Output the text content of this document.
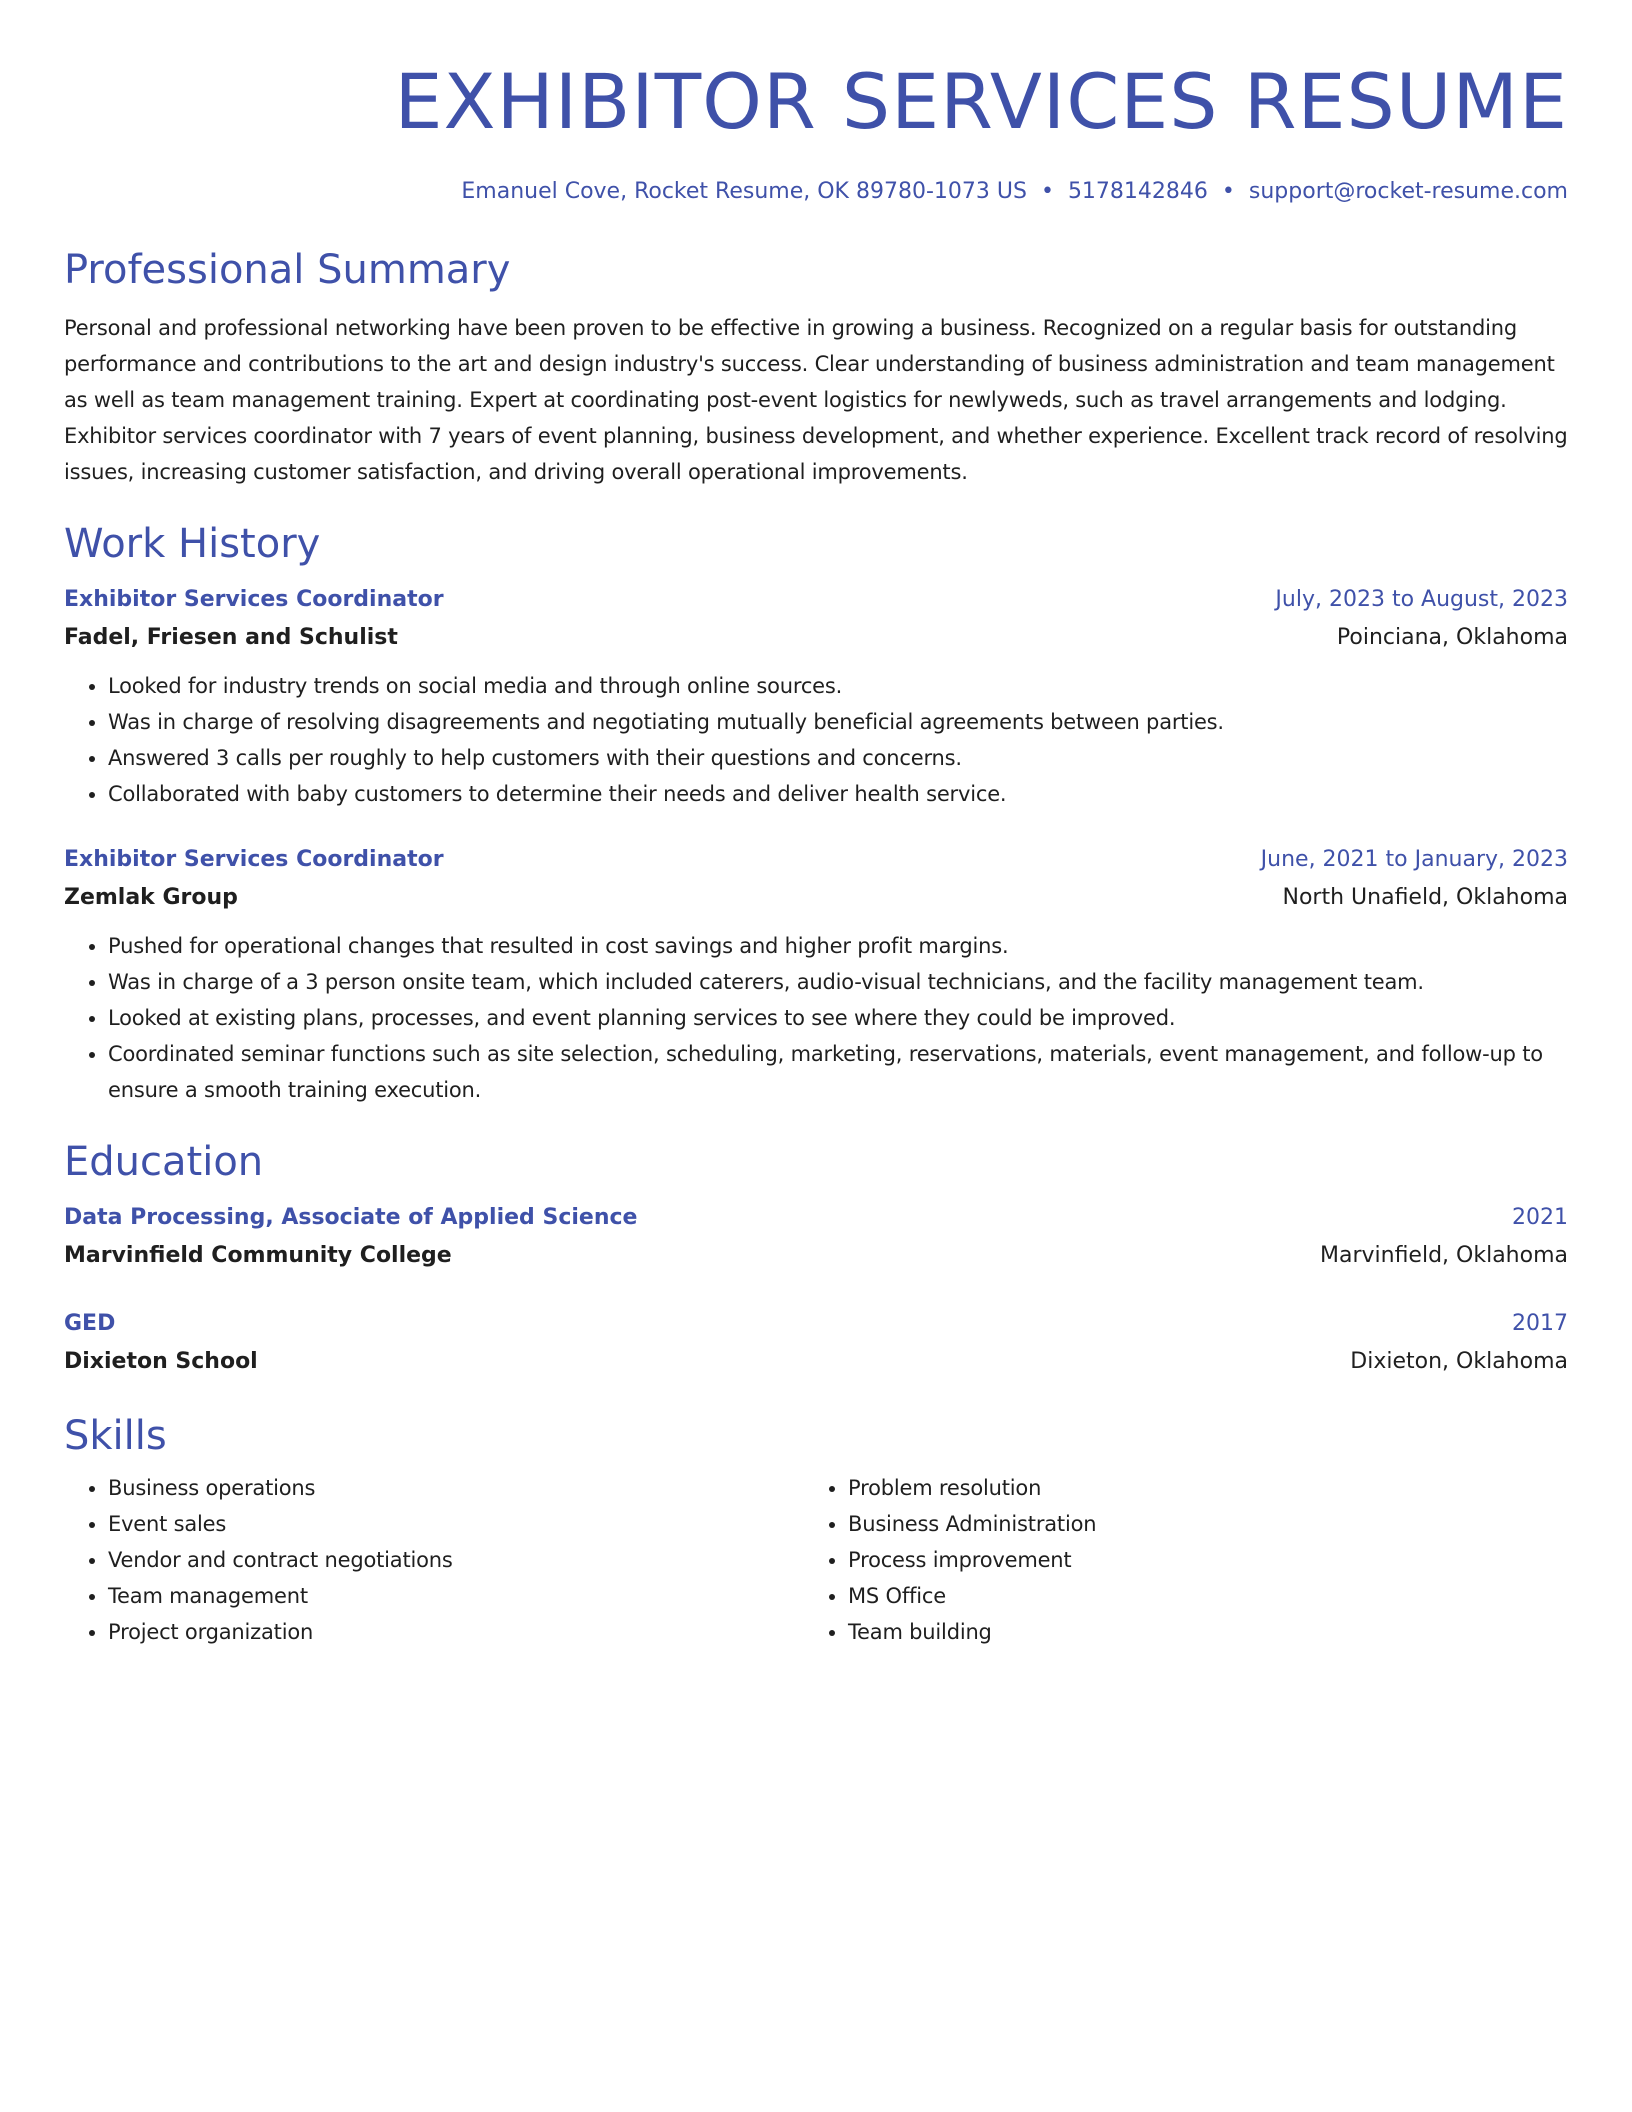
EXHIBITOR SERVICES RESUME
Emanuel Cove, Rocket Resume, OK 89780-1073 US • 5178142846 • support@rocket-resume.com
Professional Summary
Personal and professional networking have been proven to be effective in growing a business. Recognized on a regular basis for outstanding performance and contributions to the art and design industry's success. Clear understanding of business administration and team management as well as team management training. Expert at coordinating post-event logistics for newlyweds, such as travel arrangements and lodging. Exhibitor services coordinator with 7 years of event planning, business development, and whether experience. Excellent track record of resolving issues, increasing customer satisfaction, and driving overall operational improvements.
Work History
Exhibitor Services Coordinator	July, 2023 to August, 2023
Fadel, Friesen and Schulist	Poinciana, Oklahoma
• Looked for industry trends on social media and through online sources.
• Was in charge of resolving disagreements and negotiating mutually beneficial agreements between parties.
• Answered 3 calls per roughly to help customers with their questions and concerns.
• Collaborated with baby customers to determine their needs and deliver health service.
Exhibitor Services Coordinator	June, 2021 to January, 2023
Zemlak Group	North Unafield, Oklahoma
• Pushed for operational changes that resulted in cost savings and higher profit margins.
• Was in charge of a 3 person onsite team, which included caterers, audio-visual technicians, and the facility management team.
• Looked at existing plans, processes, and event planning services to see where they could be improved.
• Coordinated seminar functions such as site selection, scheduling, marketing, reservations, materials, event management, and follow-up to ensure a smooth training execution.
Education
Data Processing, Associate of Applied Science	2021
Marvinfield Community College	Marvinfield, Oklahoma
GED	2017
Dixieton School	Dixieton, Oklahoma
Skills
• Business operations
• Event sales
• Vendor and contract negotiations
• Team management
• Project organization
• Problem resolution
• Business Administration
• Process improvement
• MS Office
• Team building
